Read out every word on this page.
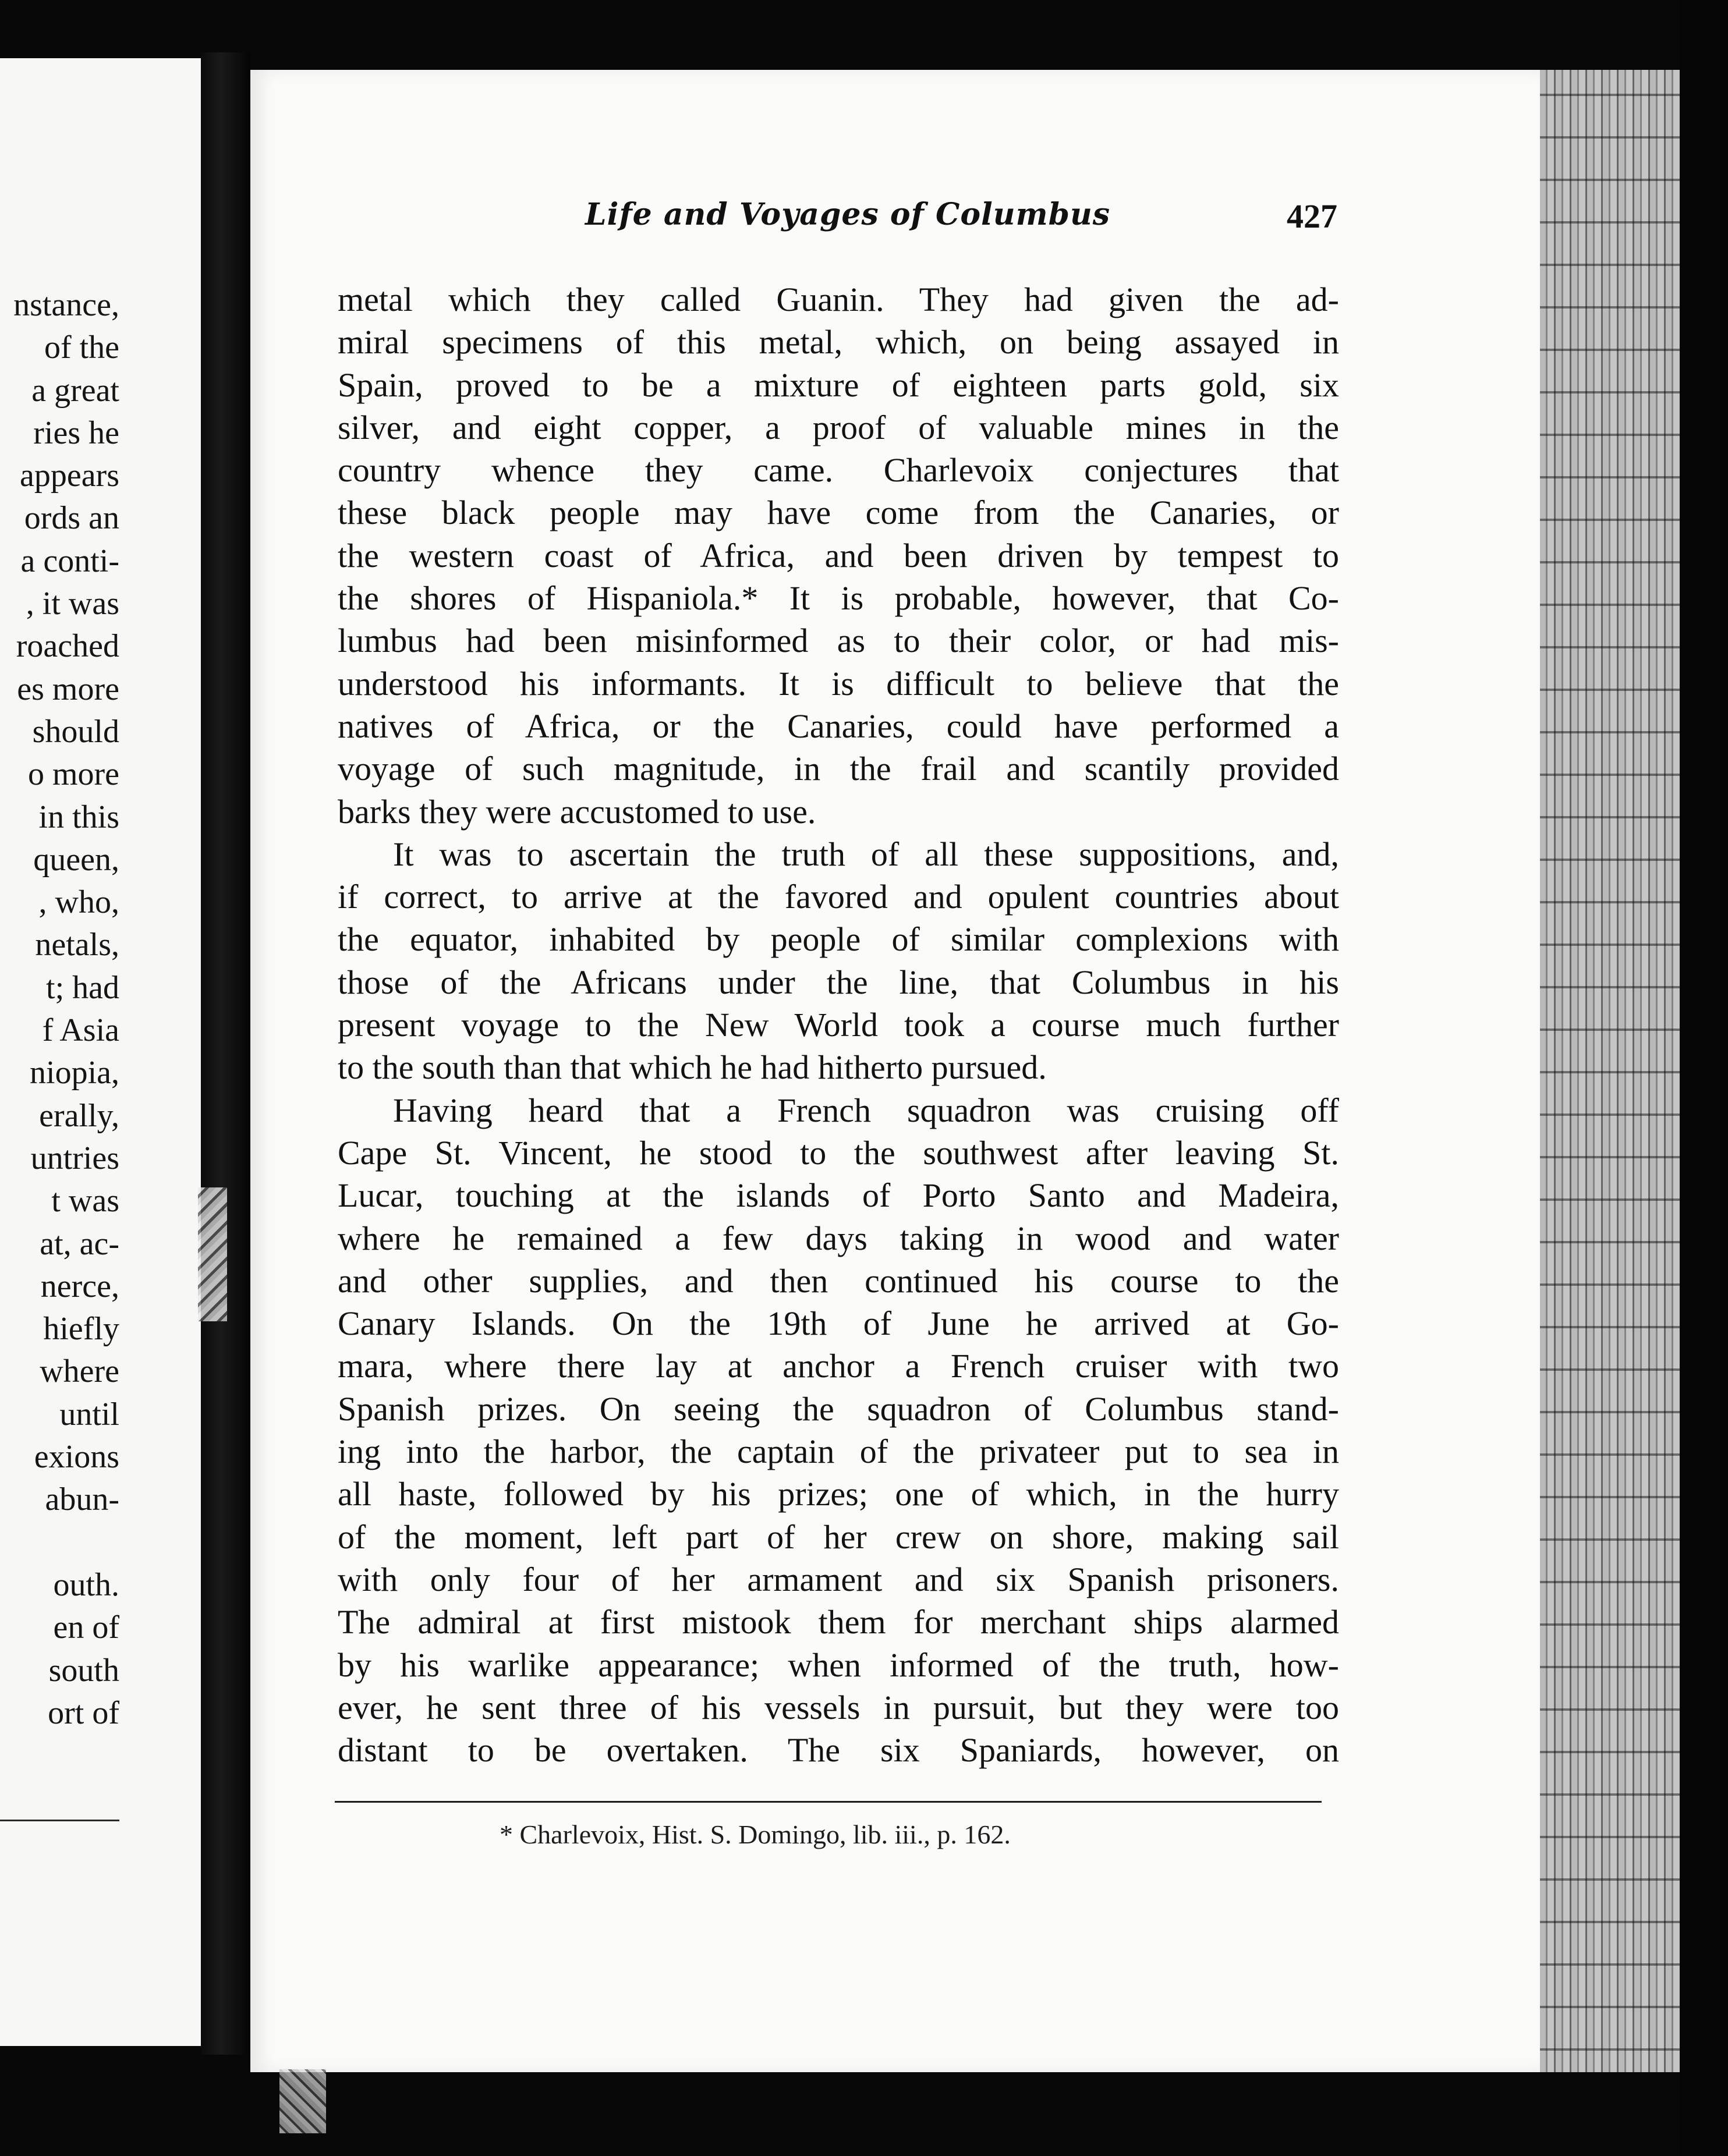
nstance,
of the
a great
ries he
appears
ords an
a conti-
, it was
roached
es more
should
o more
in this
queen,
, who,
netals,
t; had
f Asia
niopia,
erally,
untries
t was
at, ac-
nerce,
hiefly
where
until
exions
abun-
outh.
en of
south
ort of
Life and Voyages of Columbus	427
metal which they called Guanin. They had given the ad-
miral specimens of this metal, which, on being assayed in
Spain, proved to be a mixture of eighteen parts gold, six
silver, and eight copper, a proof of valuable mines in the
country whence they came. Charlevoix conjectures that
these black people may have come from the Canaries, or
the western coast of Africa, and been driven by tempest to
the shores of Hispaniola.* It is probable, however, that Co-
lumbus had been misinformed as to their color, or had mis-
understood his informants. It is difficult to believe that the
natives of Africa, or the Canaries, could have performed a
voyage of such magnitude, in the frail and scantily provided
barks they were accustomed to use.
It was to ascertain the truth of all these suppositions, and,
if correct, to arrive at the favored and opulent countries about
the equator, inhabited by people of similar complexions with
those of the Africans under the line, that Columbus in his
present voyage to the New World took a course much further
to the south than that which he had hitherto pursued.
Having heard that a French squadron was cruising off
Cape St. Vincent, he stood to the southwest after leaving St.
Lucar, touching at the islands of Porto Santo and Madeira,
where he remained a few days taking in wood and water
and other supplies, and then continued his course to the
Canary Islands. On the 19th of June he arrived at Go-
mara, where there lay at anchor a French cruiser with two
Spanish prizes. On seeing the squadron of Columbus stand-
ing into the harbor, the captain of the privateer put to sea in
all haste, followed by his prizes; one of which, in the hurry
of the moment, left part of her crew on shore, making sail
with only four of her armament and six Spanish prisoners.
The admiral at first mistook them for merchant ships alarmed
by his warlike appearance; when informed of the truth, how-
ever, he sent three of his vessels in pursuit, but they were too
distant to be overtaken. The six Spaniards, however, on
* Charlevoix, Hist. S. Domingo, lib. iii., p. 162.
